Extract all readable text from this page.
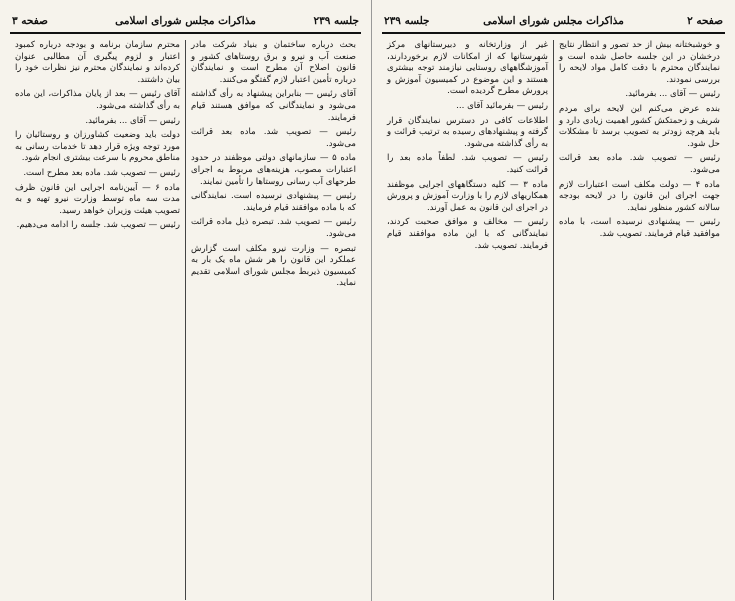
جلسه ۲۳۹
مذاکرات مجلس شورای اسلامی
صفحه ۳

بحث درباره ساختمان و بنیاد شرکت مادر صنعت آب و نیرو و برق روستاهای کشور و قانون اصلاح آن مطرح است و نمایندگان درباره تأمین اعتبار لازم گفتگو می‌کنند.

آقای رئیس — بنابراین پیشنهاد به رأی گذاشته می‌شود و نمایندگانی که موافق هستند قیام فرمایند.

رئیس — تصویب شد. ماده بعد قرائت می‌شود.

ماده ۵ — سازمانهای دولتی موظفند در حدود اعتبارات مصوب، هزینه‌های مربوط به اجرای طرحهای آب رسانی روستاها را تأمین نمایند.

رئیس — پیشنهادی نرسیده است. نمایندگانی که با ماده موافقند قیام فرمایند.

رئیس — تصویب شد. تبصره ذیل ماده قرائت می‌شود.

تبصره — وزارت نیرو مکلف است گزارش عملکرد این قانون را هر شش ماه یک بار به کمیسیون ذیربط مجلس شورای اسلامی تقدیم نماید.

محترم سازمان برنامه و بودجه درباره کمبود اعتبار و لزوم پیگیری آن مطالبی عنوان کرده‌اند و نمایندگان محترم نیز نظرات خود را بیان داشتند.

آقای رئیس — بعد از پایان مذاکرات، این ماده به رأی گذاشته می‌شود.

رئیس — آقای ... بفرمائید.

دولت باید وضعیت کشاورزان و روستائیان را مورد توجه ویژه قرار دهد تا خدمات رسانی به مناطق محروم با سرعت بیشتری انجام شود.

رئیس — تصویب شد. ماده بعد مطرح است.

ماده ۶ — آیین‌نامه اجرایی این قانون ظرف مدت سه ماه توسط وزارت نیرو تهیه و به تصویب هیئت وزیران خواهد رسید.

رئیس — تصویب شد. جلسه را ادامه می‌دهیم.

صفحه ۲
مذاکرات مجلس شورای اسلامی
جلسه ۲۳۹

و خوشبختانه بیش از حد تصور و انتظار نتایج درخشان در این جلسه حاصل شده است و نمایندگان محترم با دقت کامل مواد لایحه را بررسی نمودند.

رئیس — آقای ... بفرمائید.

بنده عرض می‌کنم این لایحه برای مردم شریف و زحمتکش کشور اهمیت زیادی دارد و باید هرچه زودتر به تصویب برسد تا مشکلات حل شود.

رئیس — تصویب شد. ماده بعد قرائت می‌شود.

ماده ۴ — دولت مکلف است اعتبارات لازم جهت اجرای این قانون را در لایحه بودجه سالانه کشور منظور نماید.

رئیس — پیشنهادی نرسیده است، با ماده موافقید قیام فرمایند. تصویب شد.

غیر از وزارتخانه و دبیرستانهای مرکز شهرستانها که از امکانات لازم برخوردارند، آموزشگاههای روستایی نیازمند توجه بیشتری هستند و این موضوع در کمیسیون آموزش و پرورش مطرح گردیده است.

رئیس — بفرمائید آقای ...

اطلاعات کافی در دسترس نمایندگان قرار گرفته و پیشنهادهای رسیده به ترتیب قرائت و به رأی گذاشته می‌شود.

رئیس — تصویب شد. لطفاً ماده بعد را قرائت کنید.

ماده ۳ — کلیه دستگاههای اجرایی موظفند همکاریهای لازم را با وزارت آموزش و پرورش در اجرای این قانون به عمل آورند.

رئیس — مخالف و موافق صحبت کردند، نمایندگانی که با این ماده موافقند قیام فرمایند. تصویب شد.
